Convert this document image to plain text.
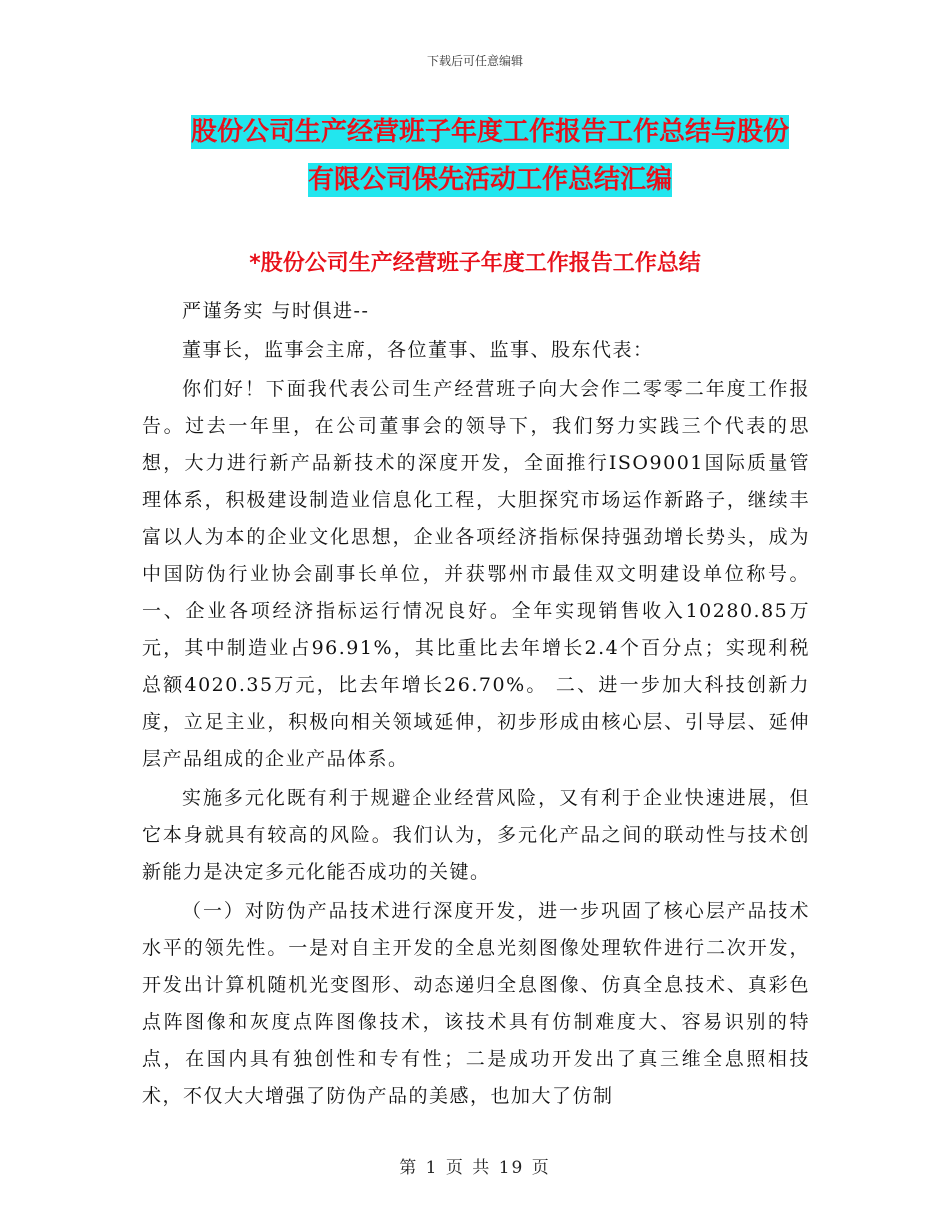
下载后可任意编辑
股份公司生产经营班子年度工作报告工作总结与股份
有限公司保先活动工作总结汇编
*股份公司生产经营班子年度工作报告工作总结

严谨务实 与时俱进--

董事长，监事会主席，各位董事、监事、股东代表：

你们好！下面我代表公司生产经营班子向大会作二零零二年度工作报告。过去一年里，在公司董事会的领导下，我们努力实践三个代表的思想，大力进行新产品新技术的深度开发，全面推行ISO9001国际质量管理体系，积极建设制造业信息化工程，大胆探究市场运作新路子，继续丰富以人为本的企业文化思想，企业各项经济指标保持强劲增长势头，成为中国防伪行业协会副事长单位，并获鄂州市最佳双文明建设单位称号。 一、企业各项经济指标运行情况良好。全年实现销售收入10280.85万元，其中制造业占96.91%，其比重比去年增长2.4个百分点；实现利税总额4020.35万元，比去年增长26.70%。 二、进一步加大科技创新力度，立足主业，积极向相关领域延伸，初步形成由核心层、引导层、延伸层产品组成的企业产品体系。

实施多元化既有利于规避企业经营风险，又有利于企业快速进展，但它本身就具有较高的风险。我们认为，多元化产品之间的联动性与技术创新能力是决定多元化能否成功的关键。

（一）对防伪产品技术进行深度开发，进一步巩固了核心层产品技术水平的领先性。一是对自主开发的全息光刻图像处理软件进行二次开发，开发出计算机随机光变图形、动态递归全息图像、仿真全息技术、真彩色点阵图像和灰度点阵图像技术，该技术具有仿制难度大、容易识别的特点，在国内具有独创性和专有性；二是成功开发出了真三维全息照相技术，不仅大大增强了防伪产品的美感，也加大了仿制

第 1 页 共 19 页
